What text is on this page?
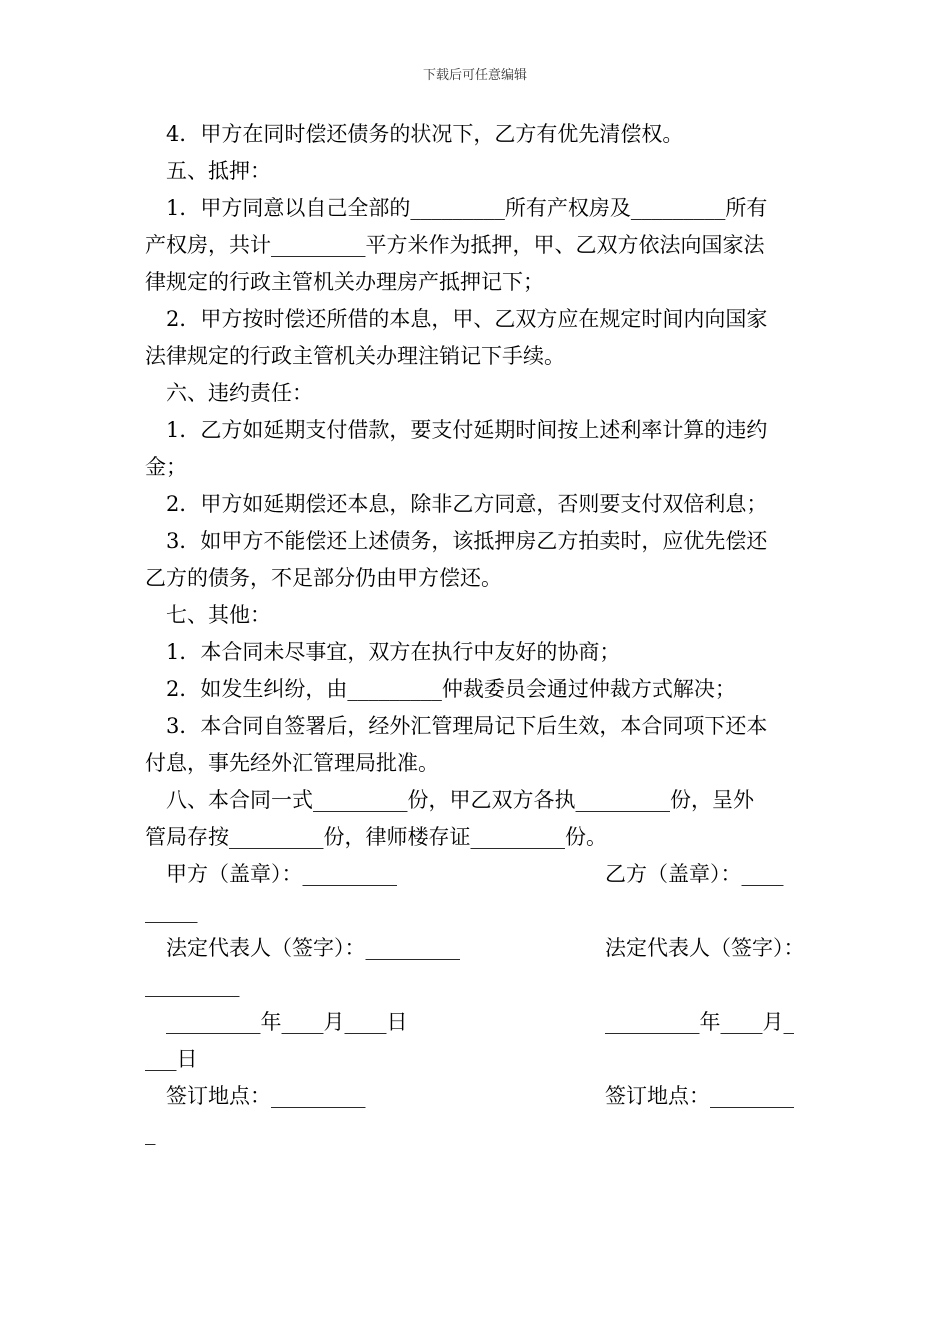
下载后可任意编辑
4．甲方在同时偿还债务的状况下，乙方有优先清偿权。
五、抵押：
1．甲方同意以自己全部的_________所有产权房及_________所有
产权房，共计_________平方米作为抵押，甲、乙双方依法向国家法
律规定的行政主管机关办理房产抵押记下；
2．甲方按时偿还所借的本息，甲、乙双方应在规定时间内向国家
法律规定的行政主管机关办理注销记下手续。
六、违约责任：
1．乙方如延期支付借款，要支付延期时间按上述利率计算的违约
金；
2．甲方如延期偿还本息，除非乙方同意，否则要支付双倍利息；
3．如甲方不能偿还上述债务，该抵押房乙方拍卖时，应优先偿还
乙方的债务，不足部分仍由甲方偿还。
七、其他：
1．本合同未尽事宜，双方在执行中友好的协商；
2．如发生纠纷，由_________仲裁委员会通过仲裁方式解决；
3．本合同自签署后，经外汇管理局记下后生效，本合同项下还本
付息，事先经外汇管理局批准。
八、本合同一式_________份，甲乙双方各执_________份，呈外
管局存按_________份，律师楼存证_________份。
甲方（盖章）：_________	乙方（盖章）：____
_____
法定代表人（签字）：_________	法定代表人（签字）：
_________
_________年____月____日	_________年____月_
___日
签订地点：_________	签订地点：________
_
